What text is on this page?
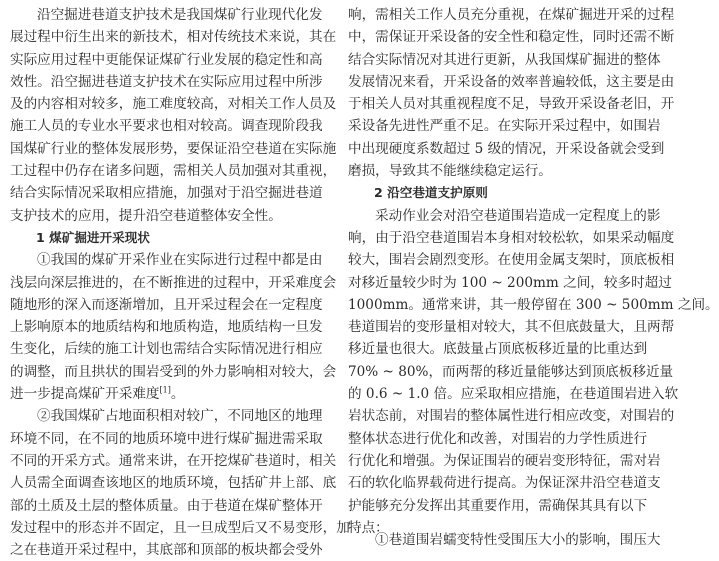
沿空掘进巷道支护技术是我国煤矿行业现代化发
展过程中衍生出来的新技术，相对传统技术来说，其在
实际应用过程中更能保证煤矿行业发展的稳定性和高
效性。沿空掘进巷道支护技术在实际应用过程中所涉
及的内容相对较多，施工难度较高，对相关工作人员及
施工人员的专业水平要求也相对较高。调查现阶段我
国煤矿行业的整体发展形势，要保证沿空巷道在实际施
工过程中仍存在诸多问题，需相关人员加强对其重视，
结合实际情况采取相应措施，加强对于沿空掘进巷道
支护技术的应用，提升沿空巷道整体安全性。
1 煤矿掘进开采现状
①我国的煤矿开采作业在实际进行过程中都是由
浅层向深层推进的，在不断推进的过程中，开采难度会
随地形的深入而逐渐增加，且开采过程会在一定程度
上影响原本的地质结构和地质构造，地质结构一旦发
生变化，后续的施工计划也需结合实际情况进行相应
的调整，而且拱状的围岩受到的外力影响相对较大，会
进一步提高煤矿开采难度[1]。
②我国煤矿占地面积相对较广，不同地区的地理
环境不同，在不同的地质环境中进行煤矿掘进需采取
不同的开采方式。通常来讲，在开挖煤矿巷道时，相关
人员需全面调查该地区的地质环境，包括矿井上部、底
部的土质及土层的整体质量。由于巷道在煤矿整体开
发过程中的形态并不固定，且一旦成型后又不易变形，加
之在巷道开采过程中，其底部和顶部的板块都会受外
响，需相关工作人员充分重视，在煤矿掘进开采的过程
中，需保证开采设备的安全性和稳定性，同时还需不断
结合实际情况对其进行更新，从我国煤矿掘进的整体
发展情况来看，开采设备的效率普遍较低，这主要是由
于相关人员对其重视程度不足，导致开采设备老旧，开
采设备先进性严重不足。在实际开采过程中，如围岩
中出现硬度系数超过 5 级的情况，开采设备就会受到
磨损，导致其不能继续稳定运行。
2 沿空巷道支护原则
采动作业会对沿空巷道围岩造成一定程度上的影
响，由于沿空巷道围岩本身相对较松软，如果采动幅度
较大，围岩会剧烈变形。在使用金属支架时，顶底板相
对移近量较少时为 100 ~ 200mm 之间，较多时超过
1000mm。通常来讲，其一般停留在 300 ~ 500mm 之间。
巷道围岩的变形量相对较大，其不但底鼓量大，且两帮
移近量也很大。底鼓量占顶底板移近量的比重达到
70% ~ 80%，而两帮的移近量能够达到顶底板移近量
的 0.6 ~ 1.0 倍。应采取相应措施，在巷道围岩进入软
岩状态前，对围岩的整体属性进行相应改变，对围岩的
整体状态进行优化和改善，对围岩的力学性质进行
行优化和增强。为保证围岩的硬岩变形特征，需对岩
石的软化临界载荷进行提高。为保证深井沿空巷道支
护能够充分发挥出其重要作用，需确保其具有以下
特点：
①巷道围岩蠕变特性受围压大小的影响，围压大
